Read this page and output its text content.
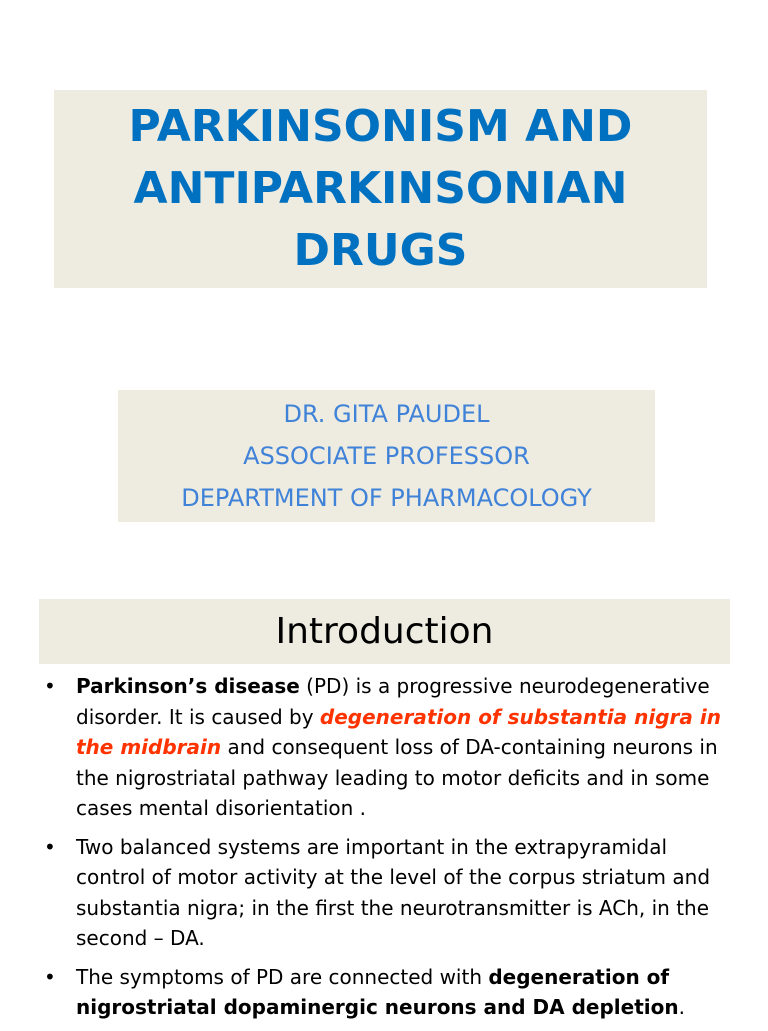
PARKINSONISM AND
ANTIPARKINSONIAN
DRUGS
DR. GITA PAUDEL
ASSOCIATE PROFESSOR
DEPARTMENT OF PHARMACOLOGY
Introduction
• Parkinson’s disease (PD) is a progressive neurodegenerative disorder. It is caused by degeneration of substantia nigra in the midbrain and consequent loss of DA-containing neurons in the nigrostriatal pathway leading to motor deficits and in some cases mental disorientation .
• Two balanced systems are important in the extrapyramidal control of motor activity at the level of the corpus striatum and substantia nigra; in the first the neurotransmitter is ACh, in the second – DA.
• The symptoms of PD are connected with degeneration of nigrostriatal dopaminergic neurons and DA depletion.
